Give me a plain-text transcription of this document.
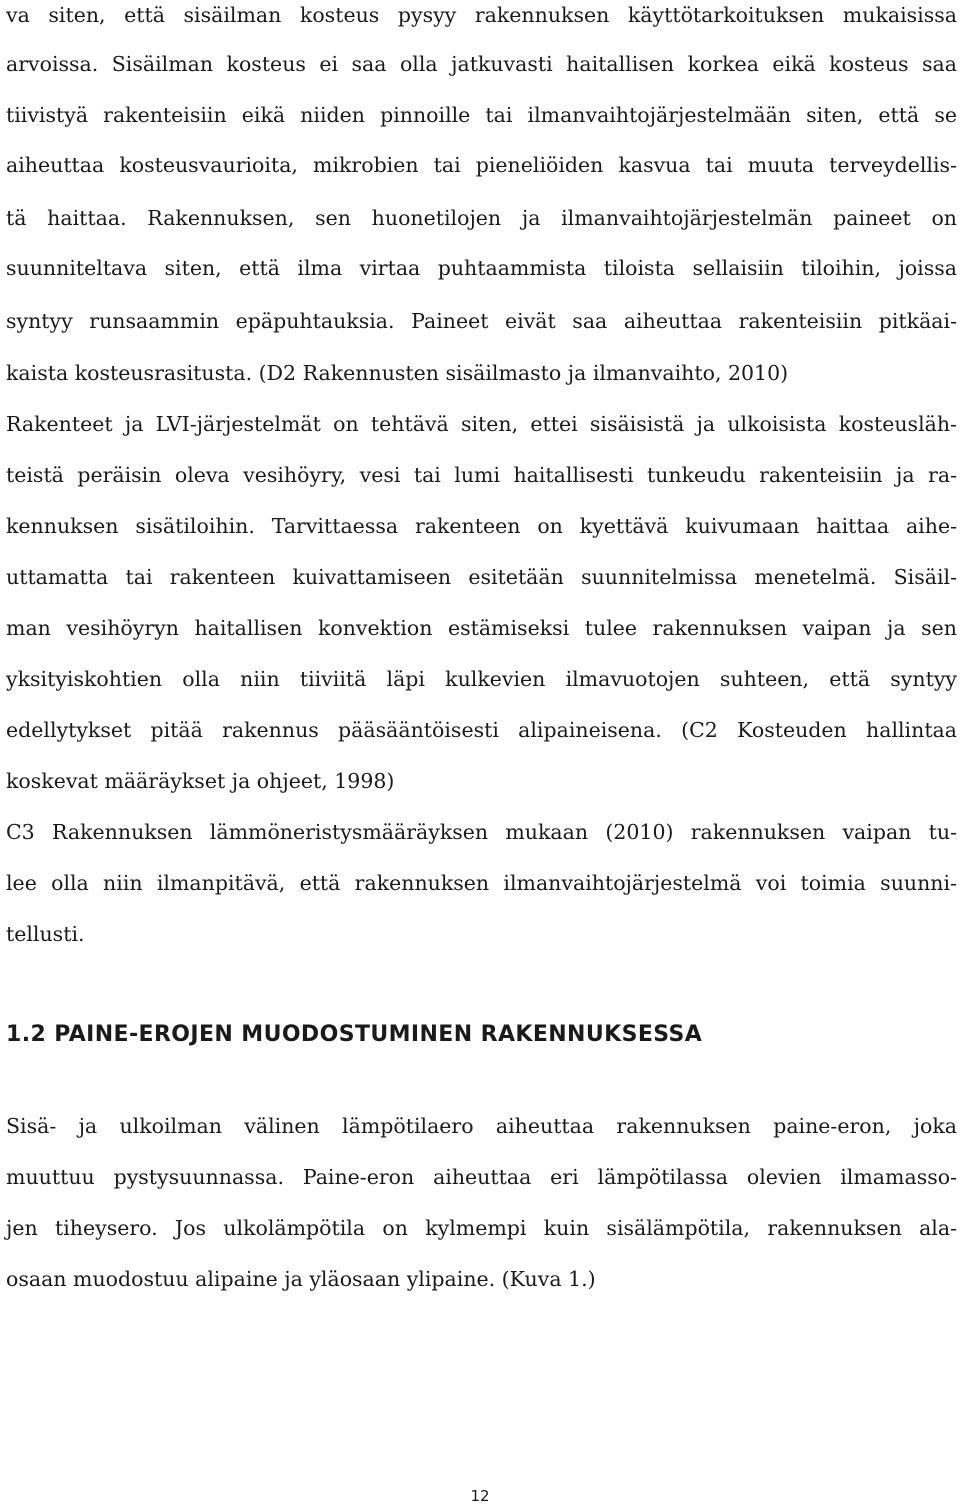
va siten, että sisäilman kosteus pysyy rakennuksen käyttötarkoituksen mukaisissa
arvoissa. Sisäilman kosteus ei saa olla jatkuvasti haitallisen korkea eikä kosteus saa
tiivistyä rakenteisiin eikä niiden pinnoille tai ilmanvaihtojärjestelmään siten, että se
aiheuttaa kosteusvaurioita, mikrobien tai pieneliöiden kasvua tai muuta terveydellis-
tä haittaa. Rakennuksen, sen huonetilojen ja ilmanvaihtojärjestelmän paineet on
suunniteltava siten, että ilma virtaa puhtaammista tiloista sellaisiin tiloihin, joissa
syntyy runsaammin epäpuhtauksia. Paineet eivät saa aiheuttaa rakenteisiin pitkäai-
kaista kosteusrasitusta. (D2 Rakennusten sisäilmasto ja ilmanvaihto, 2010)
Rakenteet ja LVI-järjestelmät on tehtävä siten, ettei sisäisistä ja ulkoisista kosteusläh-
teistä peräisin oleva vesihöyry, vesi tai lumi haitallisesti tunkeudu rakenteisiin ja ra-
kennuksen sisätiloihin. Tarvittaessa rakenteen on kyettävä kuivumaan haittaa aihe-
uttamatta tai rakenteen kuivattamiseen esitetään suunnitelmissa menetelmä. Sisäil-
man vesihöyryn haitallisen konvektion estämiseksi tulee rakennuksen vaipan ja sen
yksityiskohtien olla niin tiiviitä läpi kulkevien ilmavuotojen suhteen, että syntyy
edellytykset pitää rakennus pääsääntöisesti alipaineisena. (C2 Kosteuden hallintaa
koskevat määräykset ja ohjeet, 1998)
C3 Rakennuksen lämmöneristysmääräyksen mukaan (2010) rakennuksen vaipan tu-
lee olla niin ilmanpitävä, että rakennuksen ilmanvaihtojärjestelmä voi toimia suunni-
tellusti.
1.2 PAINE-EROJEN MUODOSTUMINEN RAKENNUKSESSA
Sisä- ja ulkoilman välinen lämpötilaero aiheuttaa rakennuksen paine-eron, joka
muuttuu pystysuunnassa. Paine-eron aiheuttaa eri lämpötilassa olevien ilmamasso-
jen tiheysero. Jos ulkolämpötila on kylmempi kuin sisälämpötila, rakennuksen ala-
osaan muodostuu alipaine ja yläosaan ylipaine. (Kuva 1.)
12
